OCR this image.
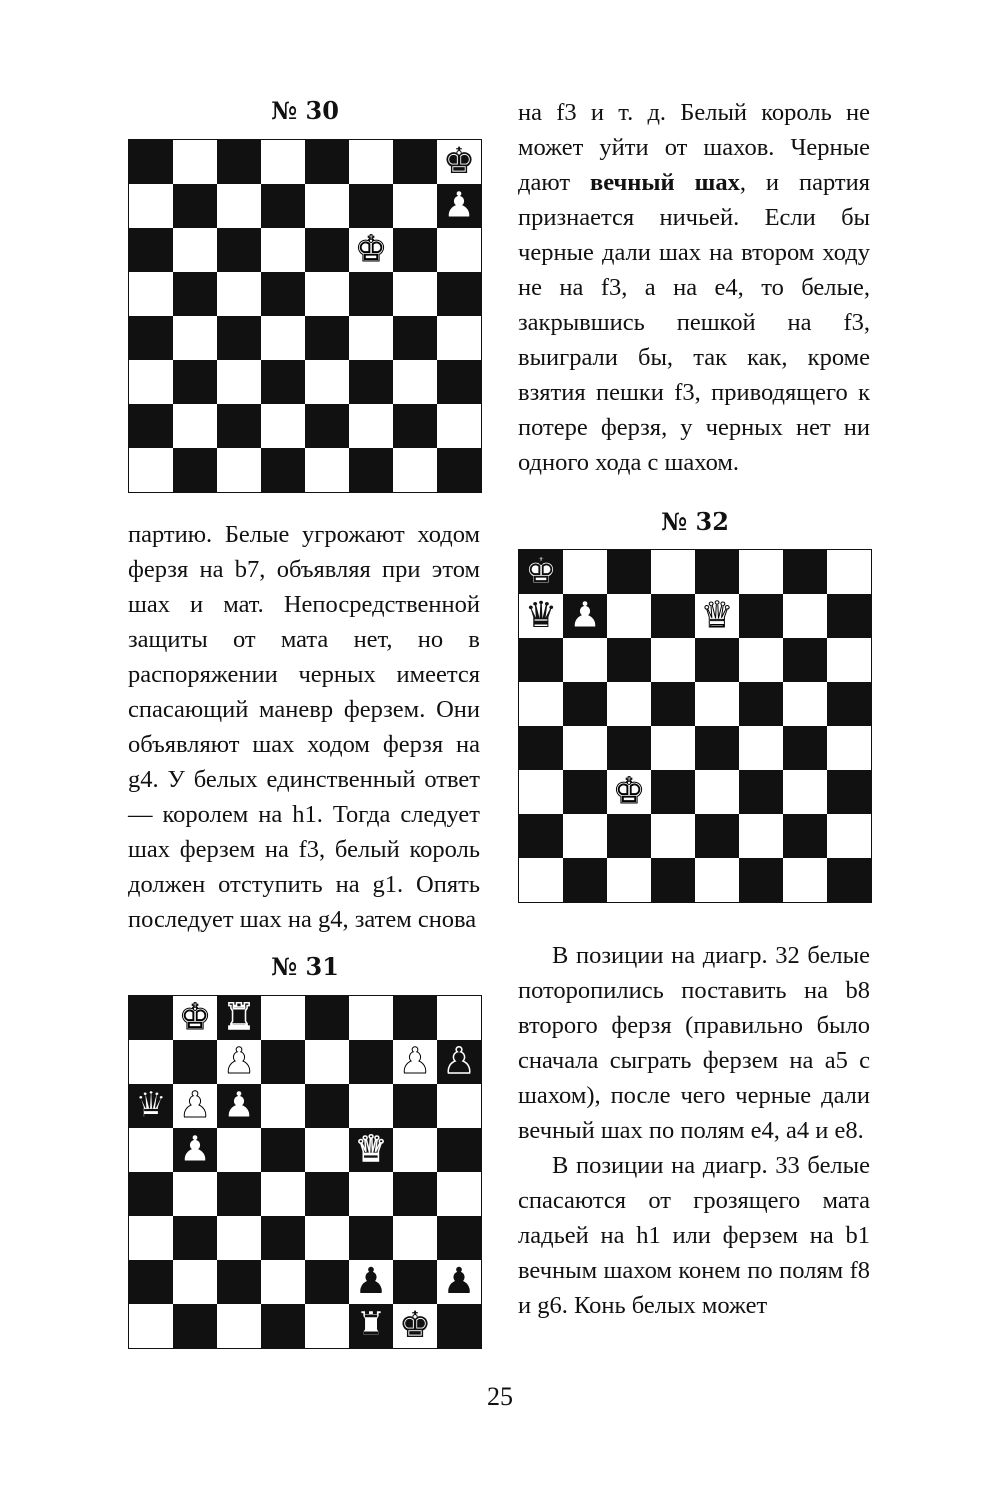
№ 30
♚
♟
♚

партию. Белые угрожают ходом ферзя на b7, объявляя при этом шах и мат. Непосредственной защиты от мата нет, но в распоряжении черных имеется спасающий маневр ферзем. Они объявляют шах ходом ферзя на g4. У белых единственный ответ — королем на h1. Тогда следует шах ферзем на f3, белый король должен отступить на g1. Опять последует шах на g4, затем снова

№ 31
♚ ♜
♟	♟ ♟
♛ ♟ ♟
♟	♛
♟ ♟
♜ ♚

на f3 и т. д. Белый король не может уйти от шахов. Черные дают вечный шах, и партия признается ничьей. Если бы черные дали шах на втором ходу не на f3, а на е4, то белые, закрывшись пешкой на f3, выиграли бы, так как, кроме взятия пешки f3, приводящего к потере ферзя, у черных нет ни одного хода с шахом.

№ 32
♚
♛ ♟	♛
♚

В позиции на диагр. 32 белые поторопились поставить на b8 второго ферзя (правильно было сначала сыграть ферзем на а5 с шахом), после чего черные дали вечный шах по полям е4, а4 и е8.

В позиции на диагр. 33 белые спасаются от грозящего мата ладьей на h1 или ферзем на b1 вечным шахом конем по полям f8 и g6. Конь белых может

25
